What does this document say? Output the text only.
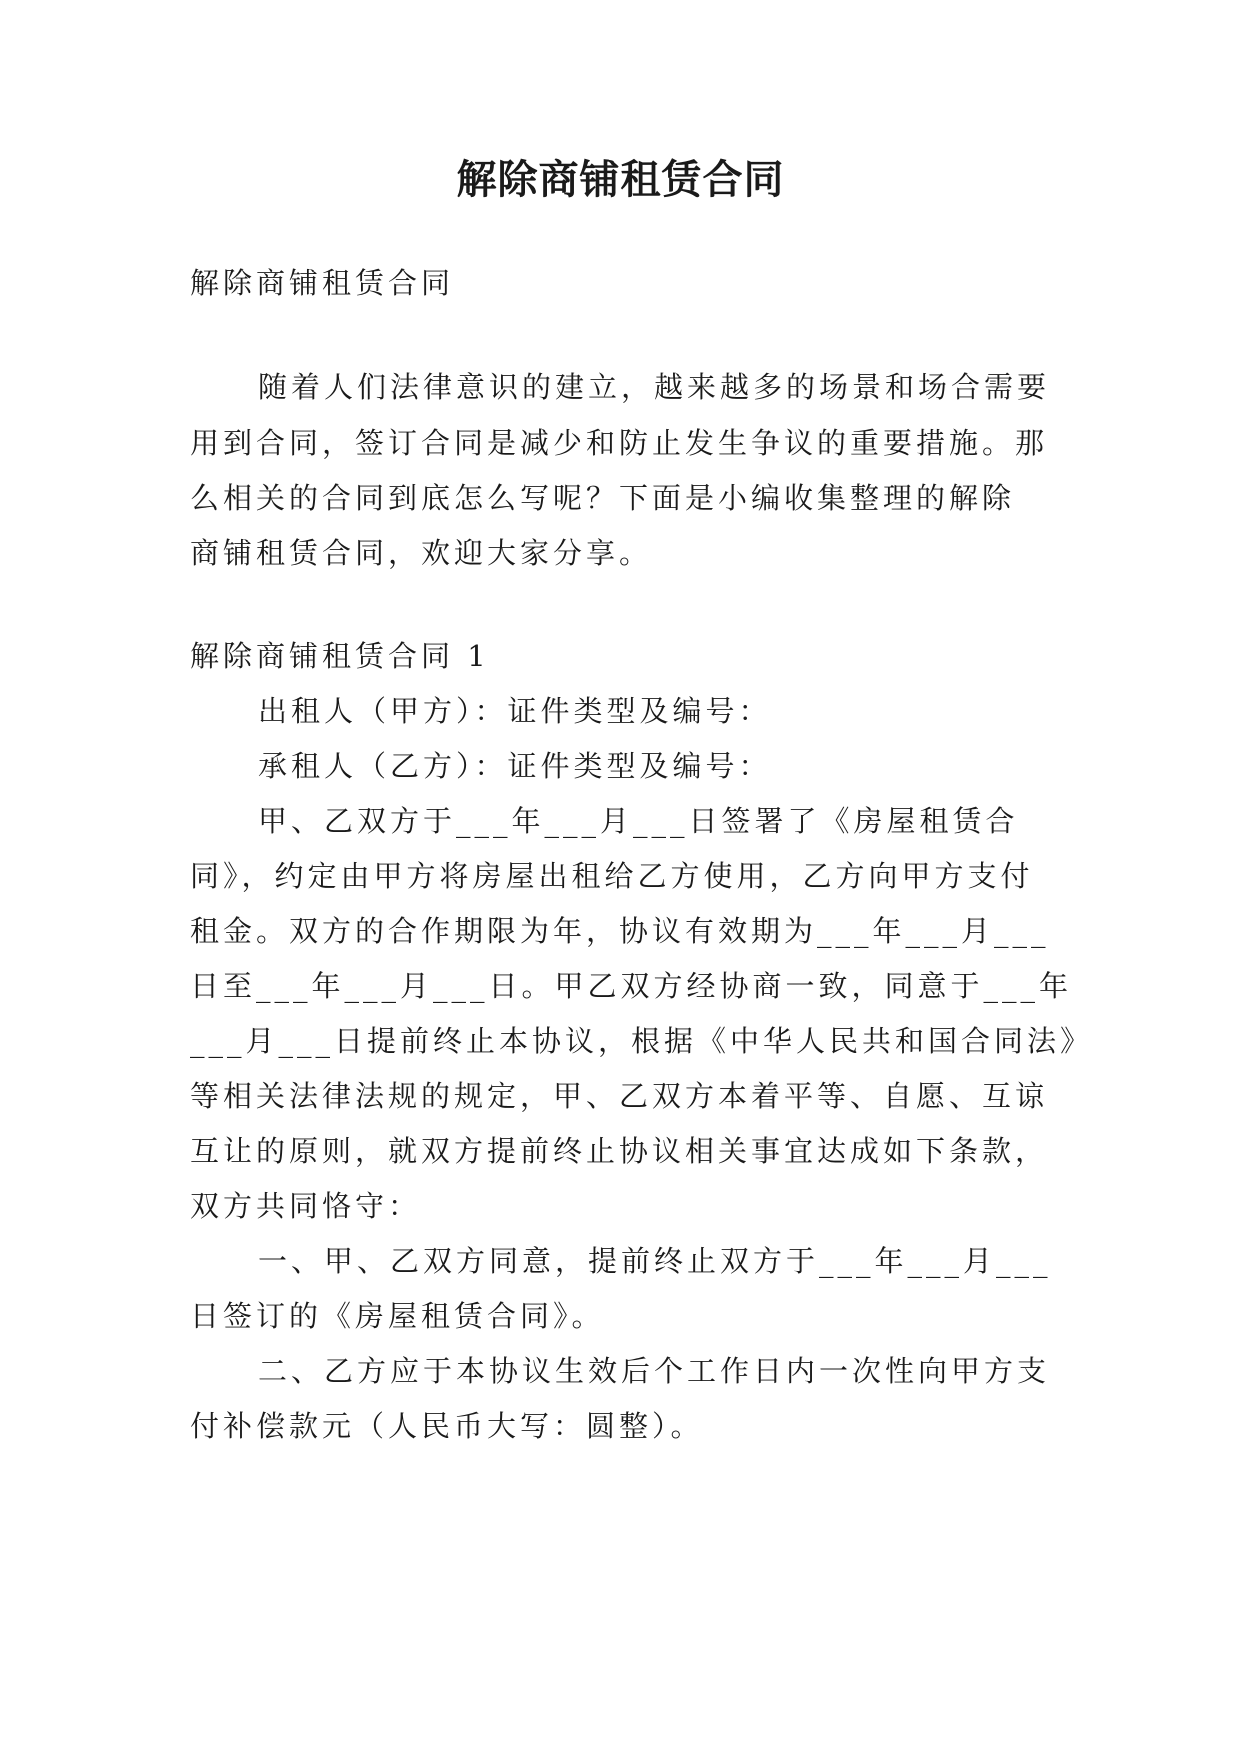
解除商铺租赁合同
解除商铺租赁合同
随着人们法律意识的建立，越来越多的场景和场合需要
用到合同，签订合同是减少和防止发生争议的重要措施。那
么相关的合同到底怎么写呢？下面是小编收集整理的解除
商铺租赁合同，欢迎大家分享。
解除商铺租赁合同 1
出租人（甲方）：证件类型及编号：
承租人（乙方）：证件类型及编号：
甲、乙双方于___年___月___日签署了《房屋租赁合
同》，约定由甲方将房屋出租给乙方使用，乙方向甲方支付
租金。双方的合作期限为年，协议有效期为___年___月___
日至___年___月___日。甲乙双方经协商一致，同意于___年
___月___日提前终止本协议，根据《中华人民共和国合同法》
等相关法律法规的规定，甲、乙双方本着平等、自愿、互谅
互让的原则，就双方提前终止协议相关事宜达成如下条款，
双方共同恪守：
一、甲、乙双方同意，提前终止双方于___年___月___
日签订的《房屋租赁合同》。
二、乙方应于本协议生效后个工作日内一次性向甲方支
付补偿款元（人民币大写：圆整）。
